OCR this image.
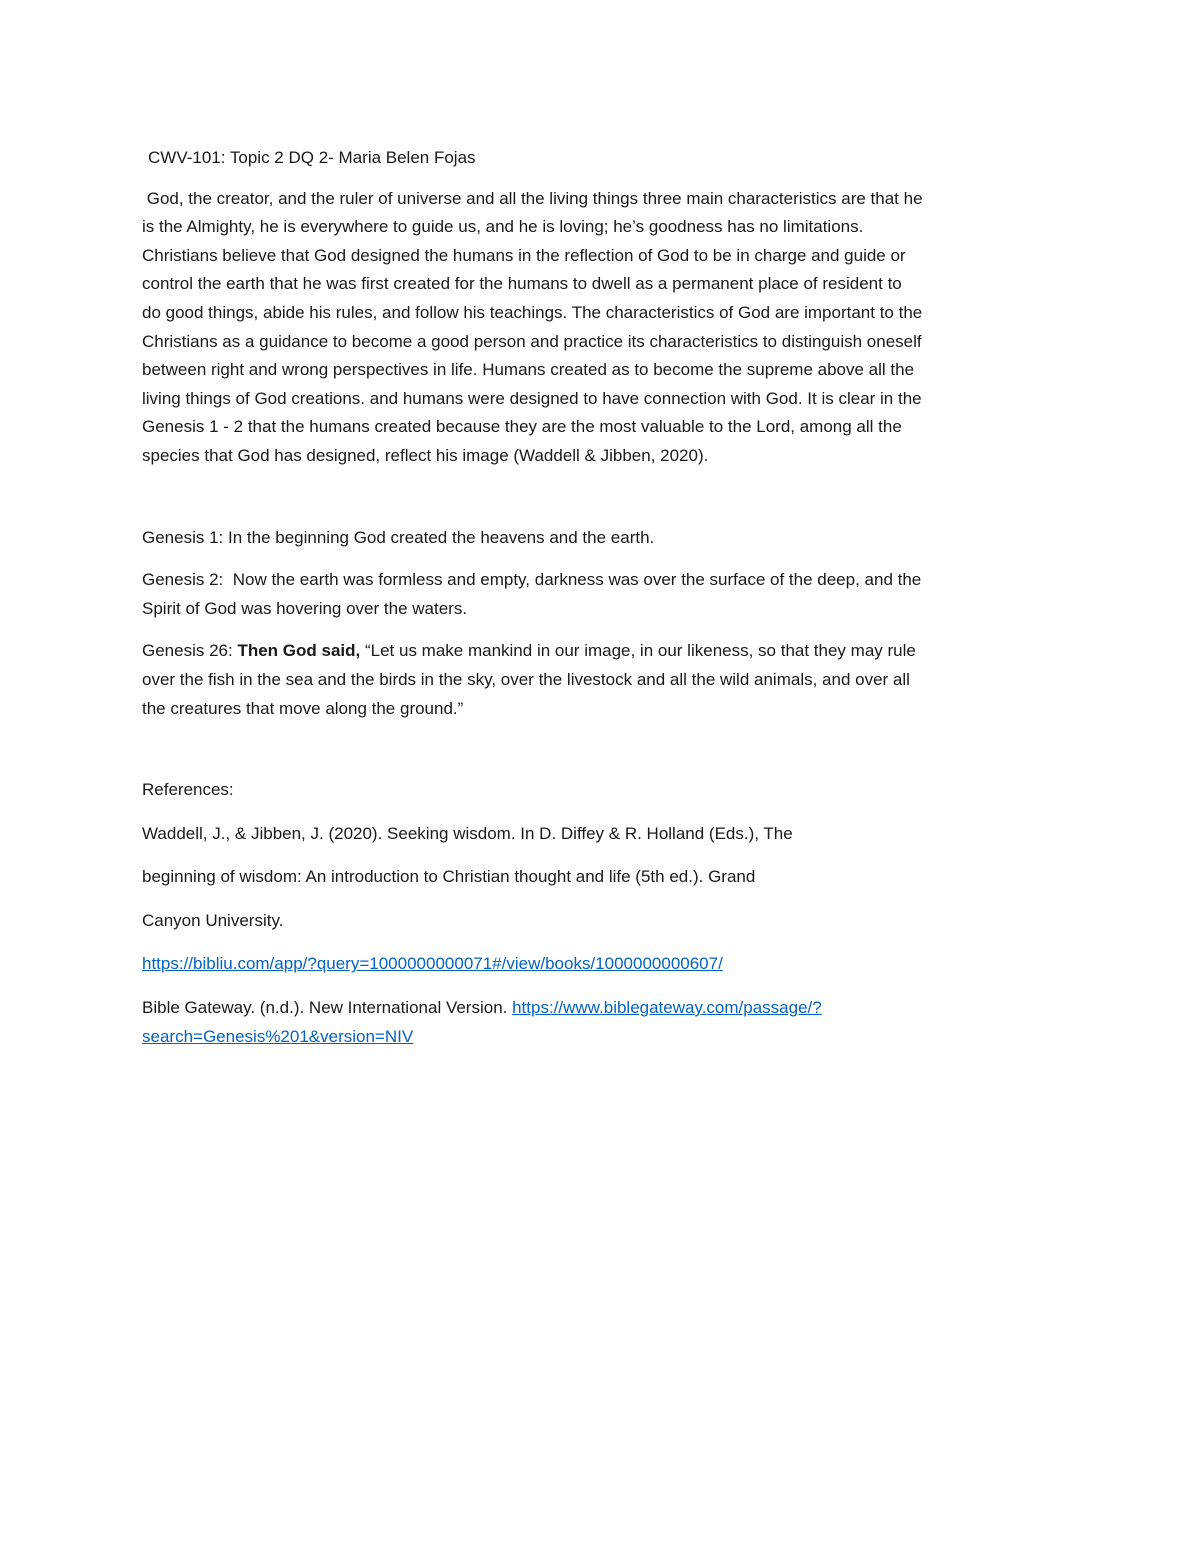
CWV-101: Topic 2 DQ 2- Maria Belen Fojas

God, the creator, and the ruler of universe and all the living things three main characteristics are that he
is the Almighty, he is everywhere to guide us, and he is loving; he’s goodness has no limitations.
Christians believe that God designed the humans in the reflection of God to be in charge and guide or
control the earth that he was first created for the humans to dwell as a permanent place of resident to
do good things, abide his rules, and follow his teachings. The characteristics of God are important to the
Christians as a guidance to become a good person and practice its characteristics to distinguish oneself
between right and wrong perspectives in life. Humans created as to become the supreme above all the
living things of God creations. and humans were designed to have connection with God. It is clear in the
Genesis 1 - 2 that the humans created because they are the most valuable to the Lord, among all the
species that God has designed, reflect his image (Waddell & Jibben, 2020).

Genesis 1: In the beginning God created the heavens and the earth.

Genesis 2:  Now the earth was formless and empty, darkness was over the surface of the deep, and the
Spirit of God was hovering over the waters.
Genesis 26: Then God said, “Let us make mankind in our image, in our likeness, so that they may rule
over the fish in the sea and the birds in the sky, over the livestock and all the wild animals, and over all
the creatures that move along the ground.”

References:

Waddell, J., & Jibben, J. (2020). Seeking wisdom. In D. Diffey & R. Holland (Eds.), The

beginning of wisdom: An introduction to Christian thought and life (5th ed.). Grand

Canyon University.

https://bibliu.com/app/?query=1000000000071#/view/books/1000000000607/

Bible Gateway. (n.d.). New International Version. https://www.biblegateway.com/passage/?
search=Genesis%201&version=NIV
